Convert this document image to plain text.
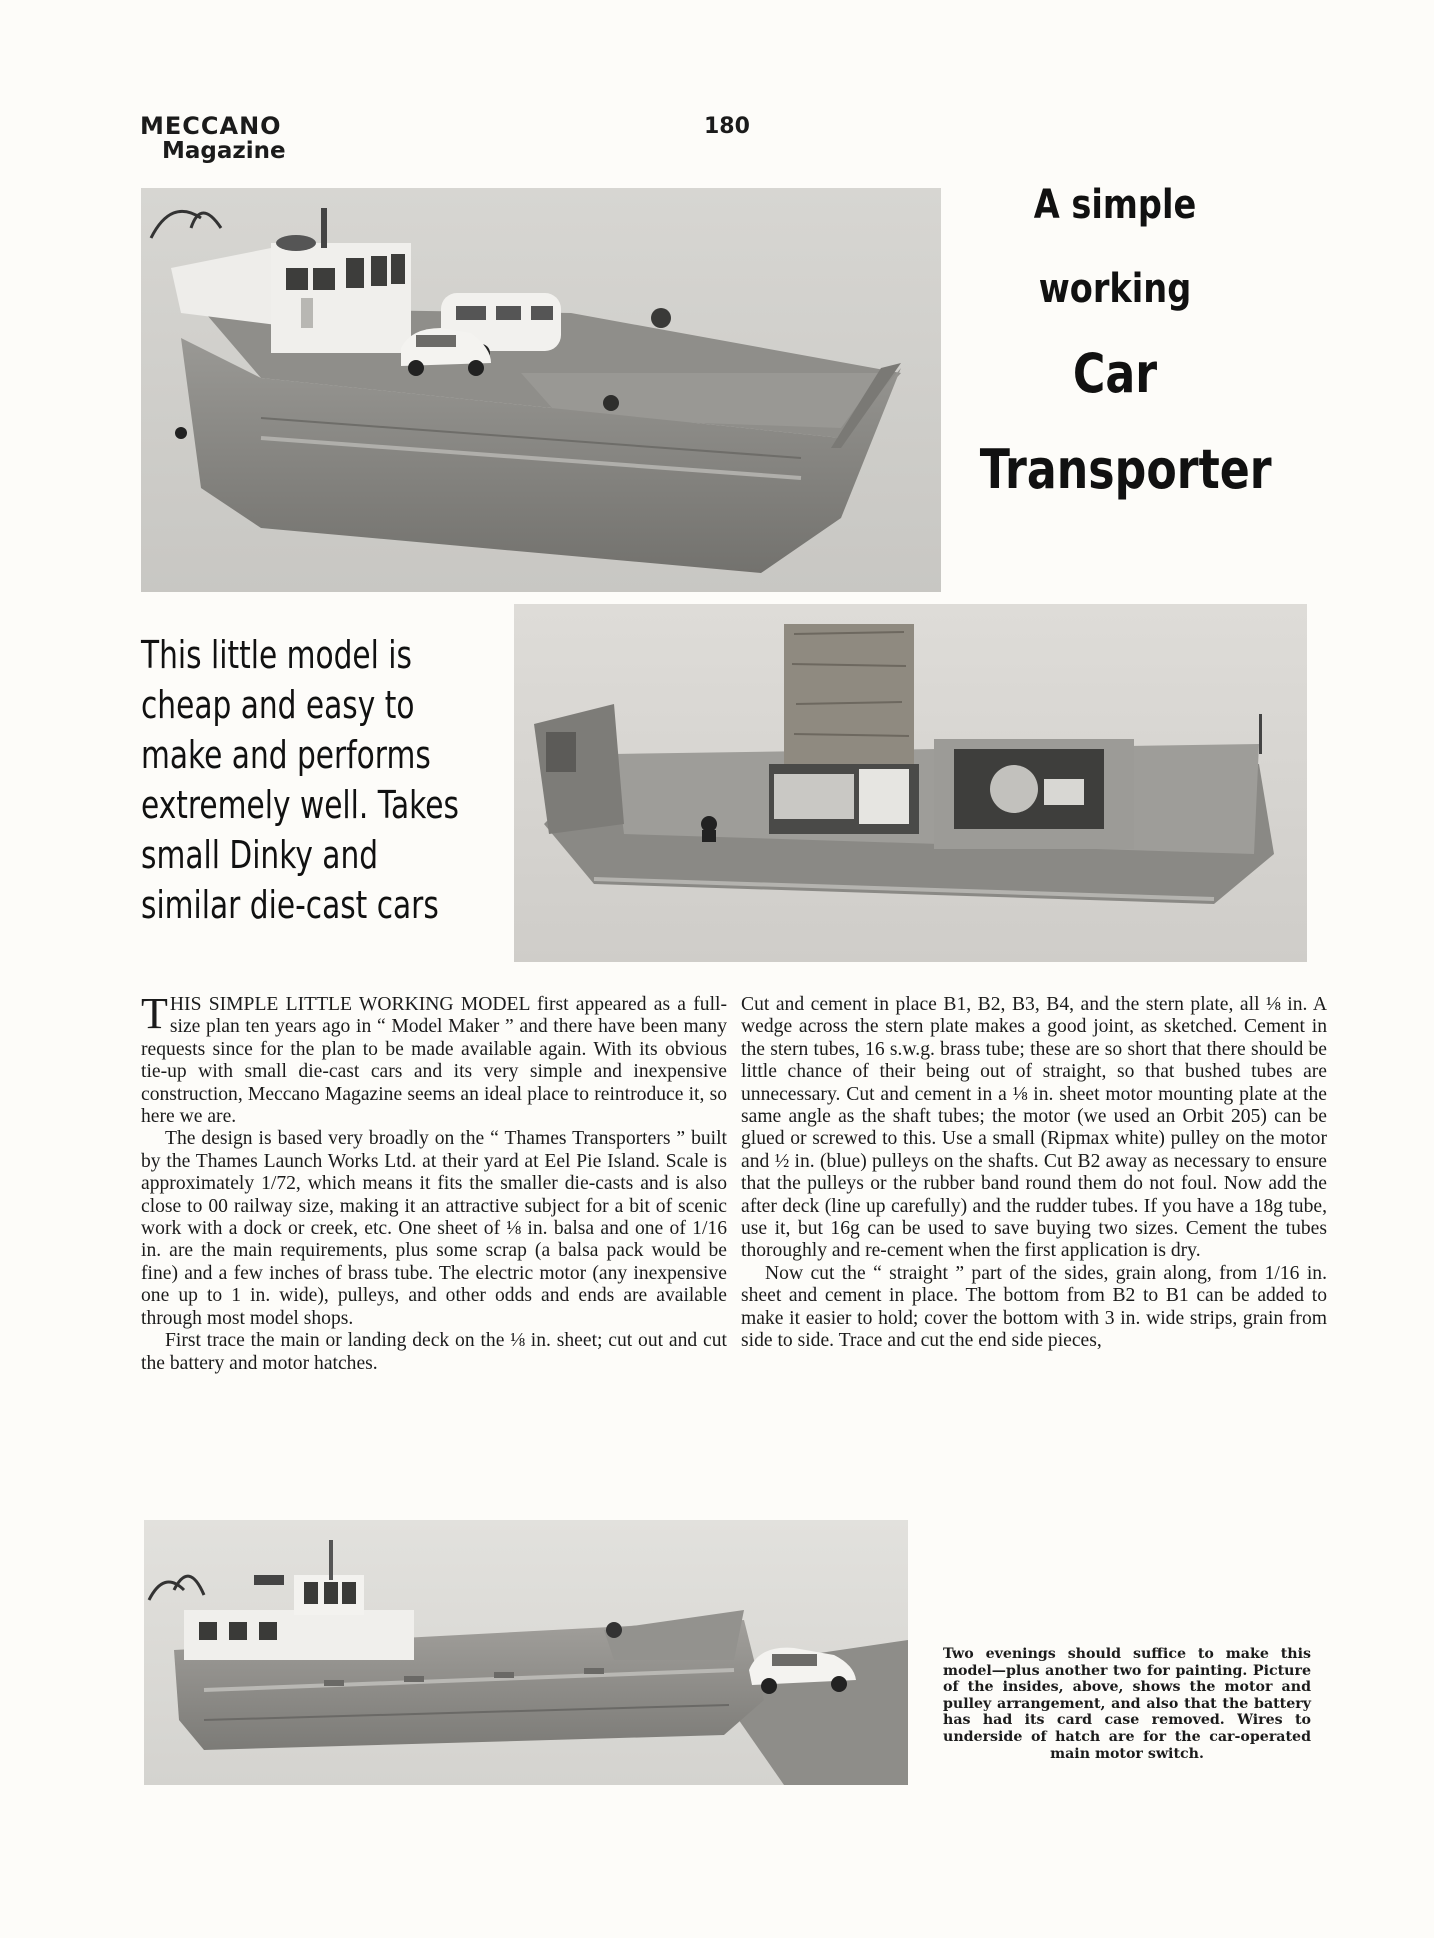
MECCANO
Magazine
180
A simple
working
Car
Transporter

This little model is

cheap and easy to

make and performs

extremely well. Takes

small Dinky and

similar die-cast cars

THIS SIMPLE LITTLE WORKING MODEL first appeared as a full-size plan ten years ago in “ Model Maker ” and there have been many requests since for the plan to be made available again. With its obvious tie-up with small die-cast cars and its very simple and inexpensive construction, Meccano Magazine seems an ideal place to reintroduce it, so here we are.

The design is based very broadly on the “ Thames Transporters ” built by the Thames Launch Works Ltd. at their yard at Eel Pie Island. Scale is approximately 1/72, which means it fits the smaller die-casts and is also close to 00 railway size, making it an attractive subject for a bit of scenic work with a dock or creek, etc. One sheet of ⅛ in. balsa and one of 1/16 in. are the main requirements, plus some scrap (a balsa pack would be fine) and a few inches of brass tube. The electric motor (any inexpensive one up to 1 in. wide), pulleys, and other odds and ends are available through most model shops.

First trace the main or landing deck on the ⅛ in. sheet; cut out and cut the battery and motor hatches.

Cut and cement in place B1, B2, B3, B4, and the stern plate, all ⅛ in. A wedge across the stern plate makes a good joint, as sketched. Cement in the stern tubes, 16 s.w.g. brass tube; these are so short that there should be little chance of their being out of straight, so that bushed tubes are unnecessary. Cut and cement in a ⅛ in. sheet motor mounting plate at the same angle as the shaft tubes; the motor (we used an Orbit 205) can be glued or screwed to this. Use a small (Ripmax white) pulley on the motor and ½ in. (blue) pulleys on the shafts. Cut B2 away as necessary to ensure that the pulleys or the rubber band round them do not foul. Now add the after deck (line up carefully) and the rudder tubes. If you have a 18g tube, use it, but 16g can be used to save buying two sizes. Cement the tubes thoroughly and re-cement when the first application is dry.

Now cut the “ straight ” part of the sides, grain along, from 1/16 in. sheet and cement in place. The bottom from B2 to B1 can be added to make it easier to hold; cover the bottom with 3 in. wide strips, grain from side to side. Trace and cut the end side pieces,

Two evenings should suffice to make this model—plus another two for painting. Picture of the insides, above, shows the motor and pulley arrangement, and also that the battery has had its card case removed. Wires to underside of hatch are for the car-operated main motor switch.
